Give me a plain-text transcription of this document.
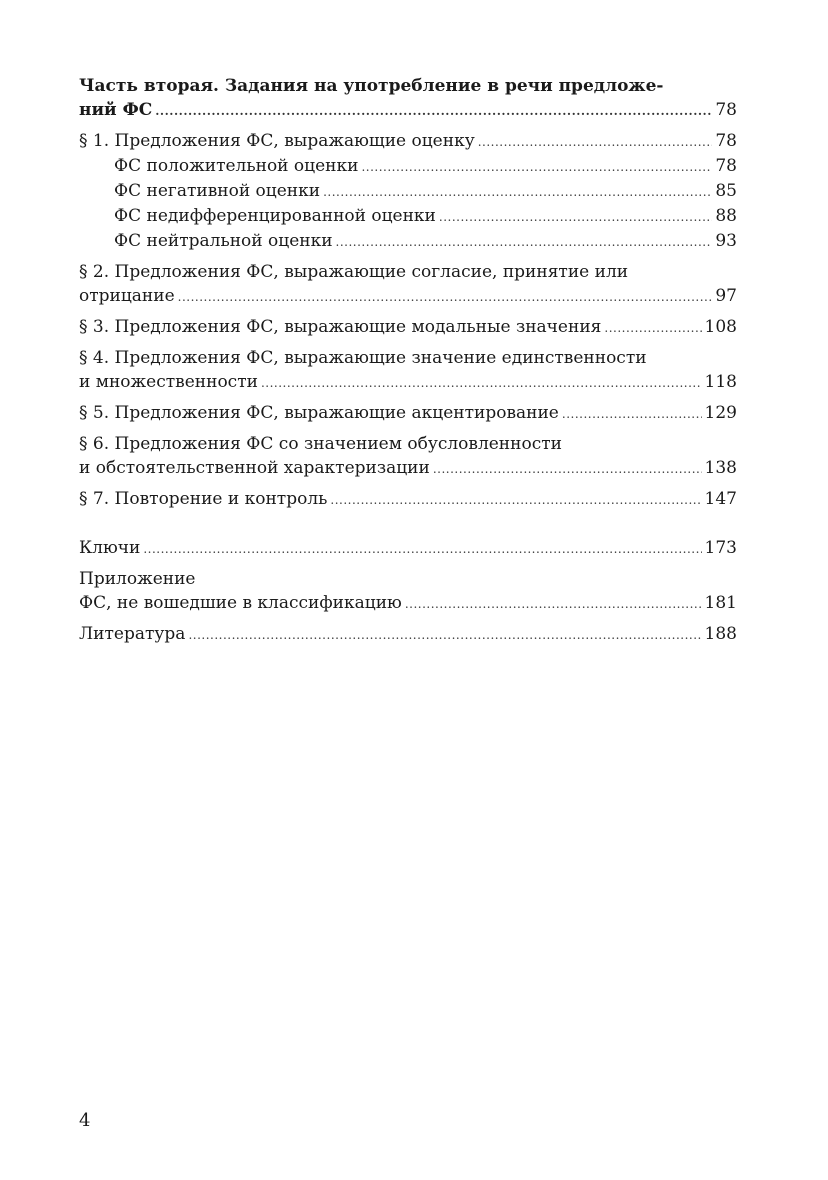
Часть вторая. Задания на употребление в речи предложе-
ний ФС .....	78
§ 1. Предложения ФС, выражающие оценку .....	78
ФС положительной оценки .....	78
ФС негативной оценки .....	85
ФС недифференцированной оценки .....	88
ФС нейтральной оценки .....	93
§ 2. Предложения ФС, выражающие согласие, принятие или
отрицание .....	97
§ 3. Предложения ФС, выражающие модальные значения .....	108
§ 4. Предложения ФС, выражающие значение единственности
и множественности .....	118
§ 5. Предложения ФС, выражающие акцентирование .....	129
§ 6. Предложения ФС со значением обусловленности
и обстоятельственной характеризации .....	138
§ 7. Повторение и контроль .....	147
Ключи .....	173
Приложение
ФС, не вошедшие в классификацию .....	181
Литература .....	188
4
